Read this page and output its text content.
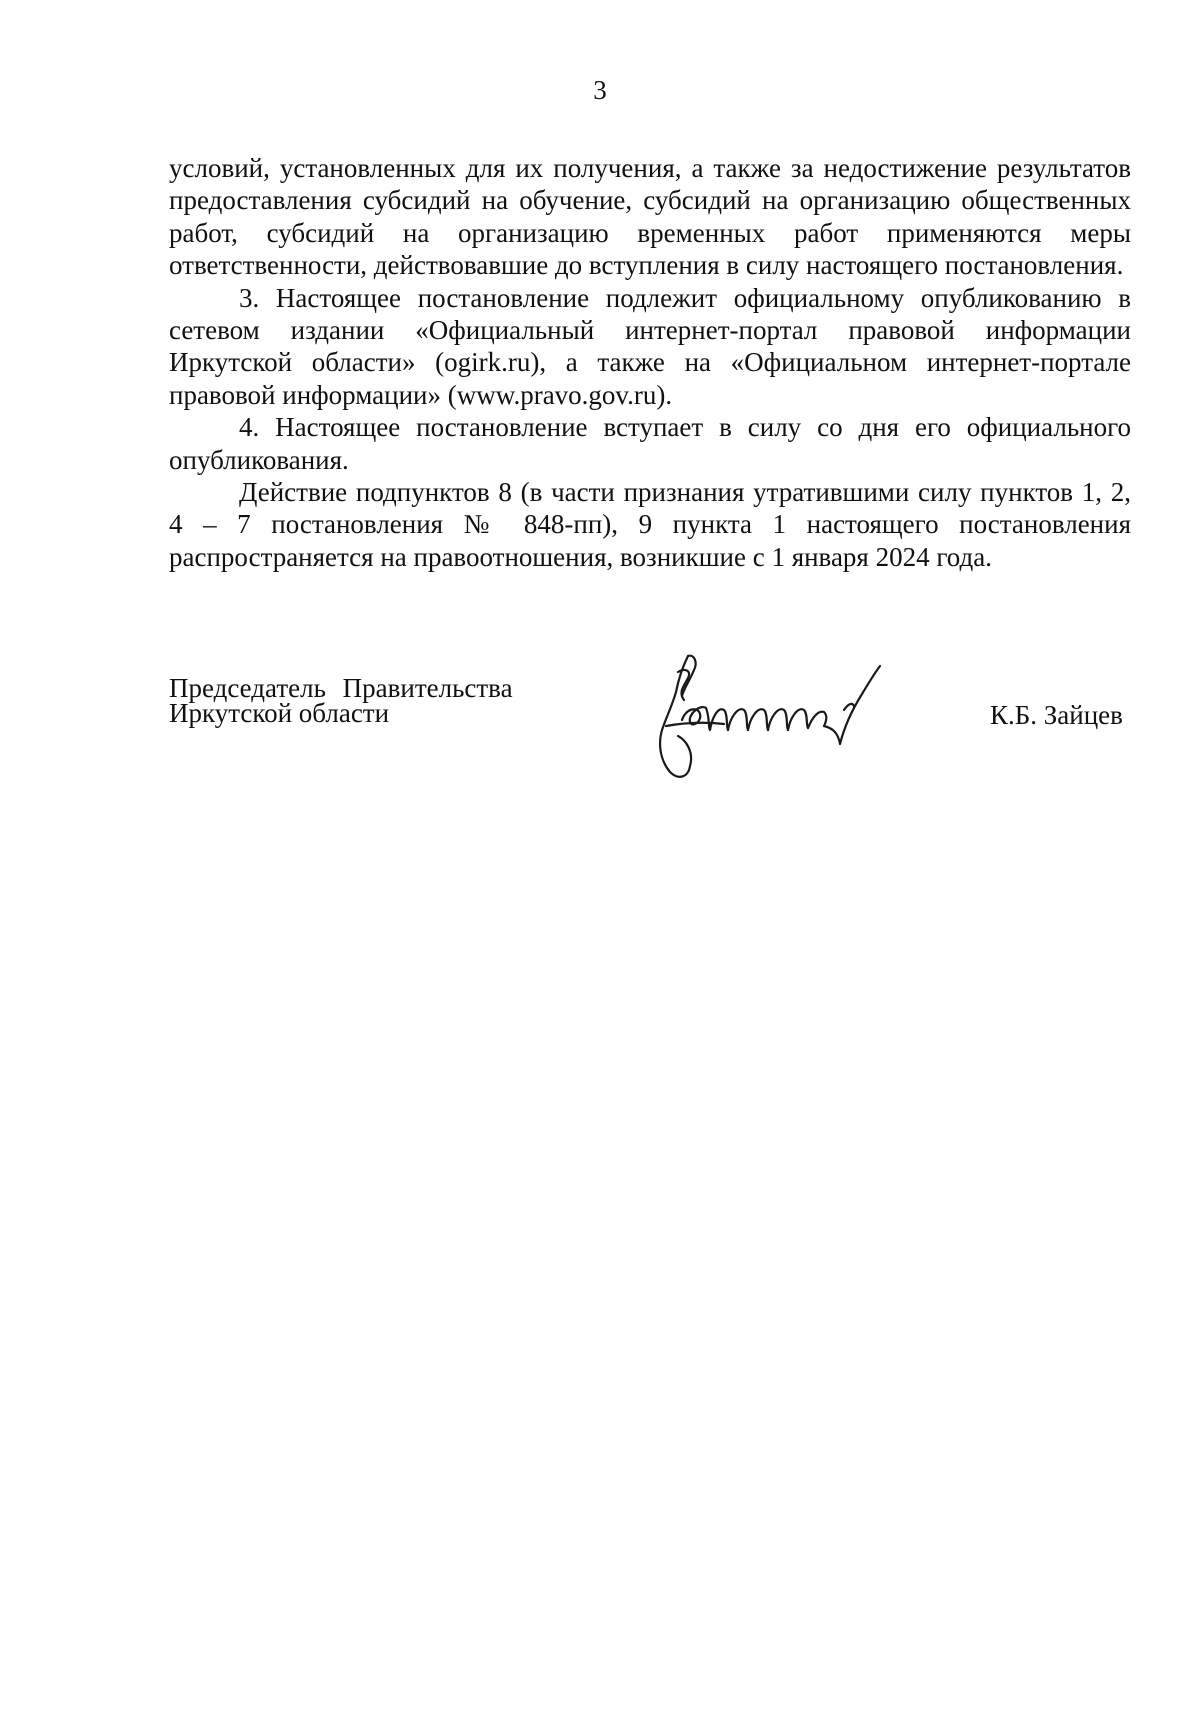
3

условий, установленных для их получения, а также за недостижение результатов предоставления субсидий на обучение, субсидий на организацию общественных работ, субсидий на организацию временных работ применяются меры ответственности, действовавшие до вступления в силу настоящего постановления.

3. Настоящее постановление подлежит официальному опубликованию в сетевом издании «Официальный интернет-портал правовой информации Иркутской области» (ogirk.ru), а также на «Официальном интернет-портале правовой информации» (www.pravo.gov.ru).

4. Настоящее постановление вступает в силу со дня его официального опубликования.

Действие подпунктов 8 (в части признания утратившими силу пунктов 1, 2, 4 – 7 постановления № 848-пп), 9 пункта 1 настоящего постановления распространяется на правоотношения, возникшие с 1 января 2024 года.

Председатель Правительства
Иркутской области	К.Б. Зайцев
